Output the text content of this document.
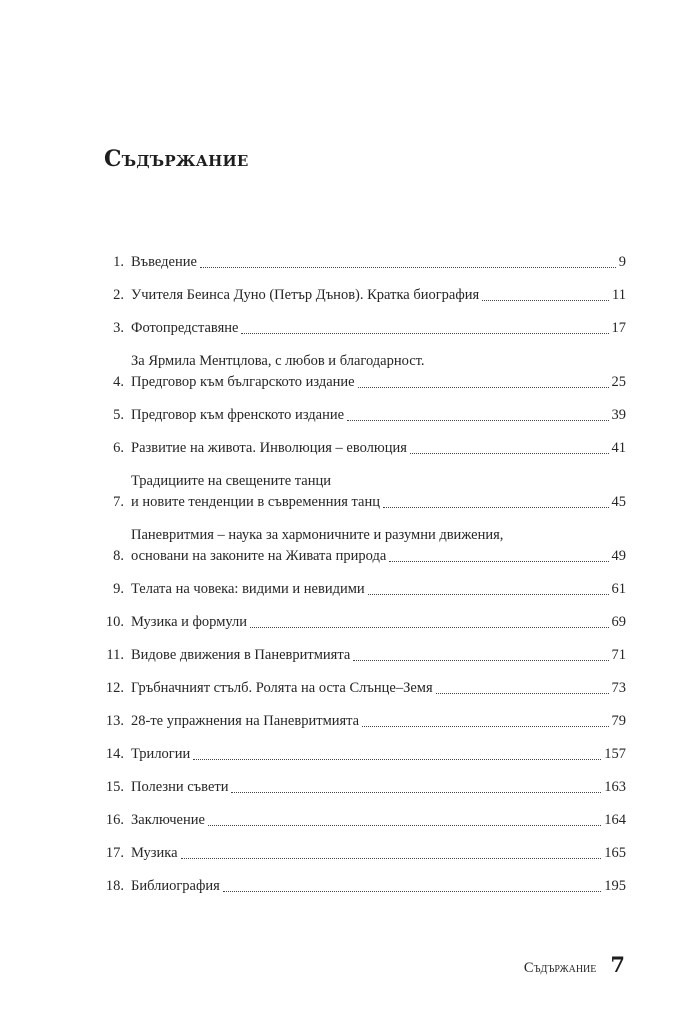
Съдържание
1. Въведение	9
2. Учителя Беинса Дуно (Петър Дънов). Кратка биография	11
3. Фотопредставяне	17
4.
За Ярмила Ментцлова, с любов и благодарност.
Предговор към българското издание	25
5. Предговор към френското издание	39
6. Развитие на живота. Инволюция – еволюция	41
7.
Традициите на свещените танци
и новите тенденции в съвременния танц	45
8.
Паневритмия – наука за хармоничните и разумни движения,
основани на законите на Живата природа	49
9. Телата на човека: видими и невидими	61
10. Музика и формули	69
11. Видове движения в Паневритмията	71
12. Гръбначният стълб. Ролята на оста Слънце–Земя	73
13. 28-те упражнения на Паневритмията	79
14. Трилогии	157
15. Полезни съвети	163
16. Заключение	164
17. Музика	165
18. Библиография	195
Съдържание 7
